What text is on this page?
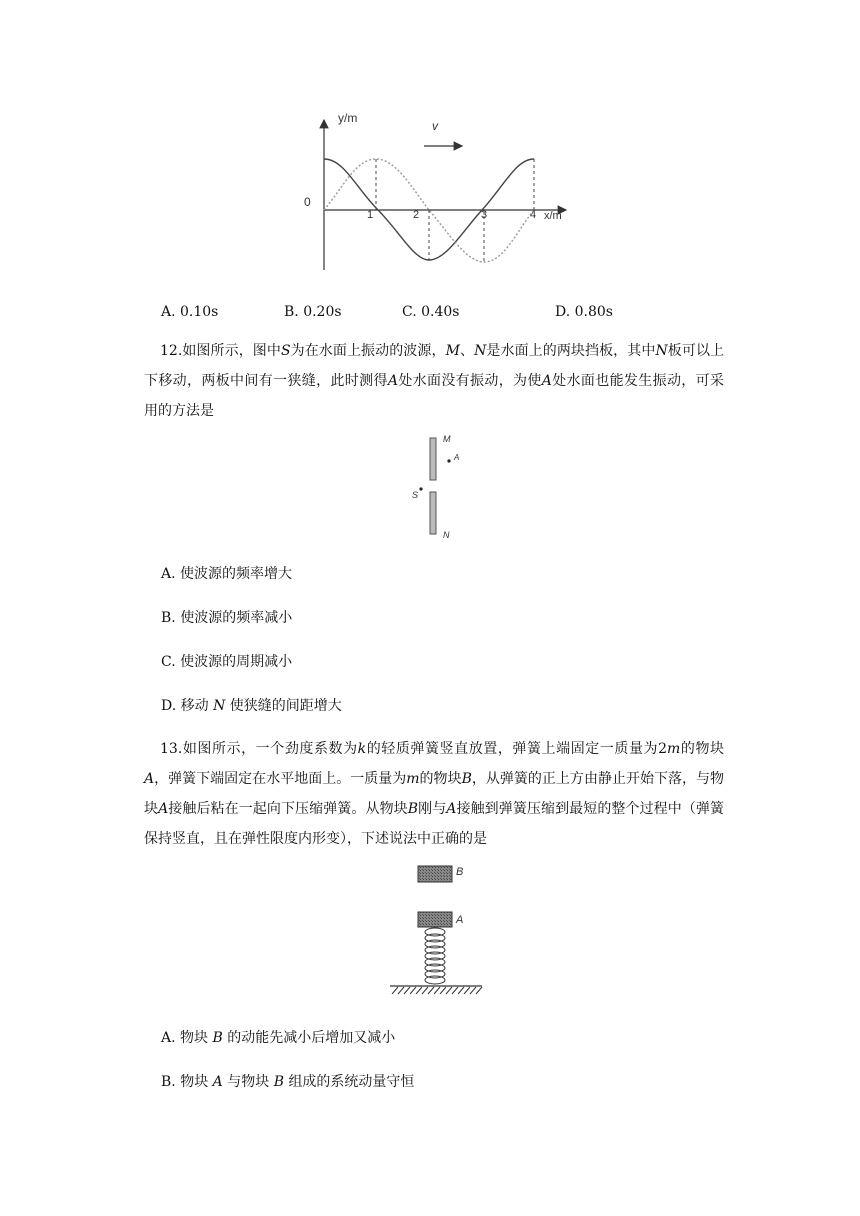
v
y/m
x/m
0
1	2	3	4
A. 0.10s	B. 0.20s	C. 0.40s	D. 0.80s
12.如图所示，图中S为在水面上振动的波源，M、N是水面上的两块挡板，其中N板可以上下移动，两板中间有一狭缝，此时测得A处水面没有振动，为使A处水面也能发生振动，可采用的方法是
M
A
S
N
A. 使波源的频率增大
B. 使波源的频率减小
C. 使波源的周期减小
D. 移动 N 使狭缝的间距增大
13.如图所示，一个劲度系数为k的轻质弹簧竖直放置，弹簧上端固定一质量为2m的物块A，弹簧下端固定在水平地面上。一质量为m的物块B，从弹簧的正上方由静止开始下落，与物块A接触后粘在一起向下压缩弹簧。从物块B刚与A接触到弹簧压缩到最短的整个过程中（弹簧保持竖直，且在弹性限度内形变），下述说法中正确的是
B
A
A. 物块 B 的动能先减小后增加又减小
B. 物块 A 与物块 B 组成的系统动量守恒
